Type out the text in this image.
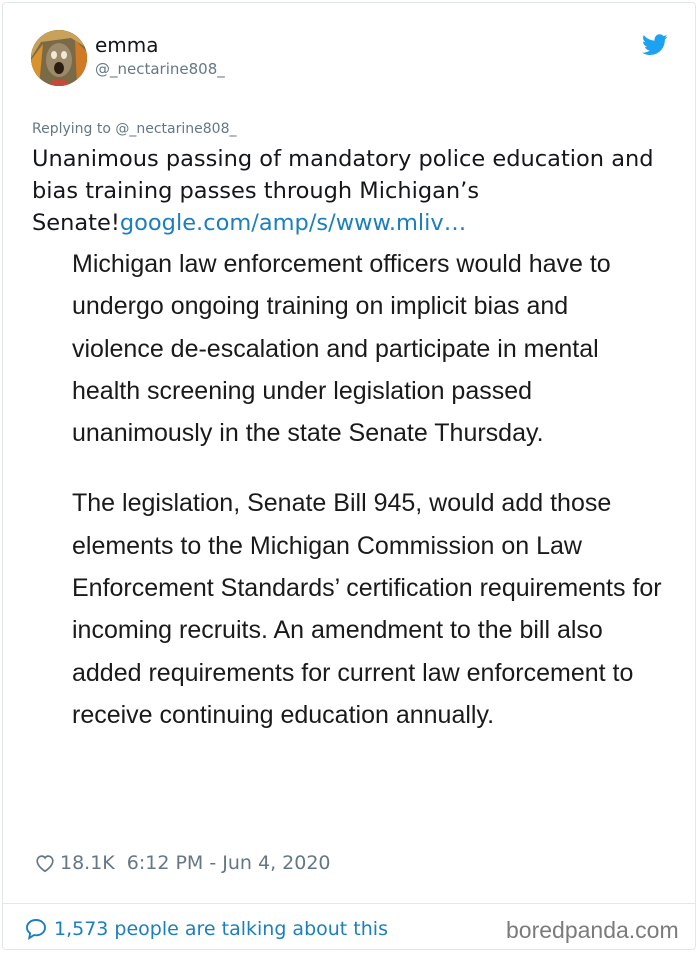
emma
@_nectarine808_
Replying to @_nectarine808_
Unanimous passing of mandatory police education and bias training passes through Michigan’s Senate!google.com/amp/s/www.mliv…

Michigan law enforcement officers would have to undergo ongoing training on implicit bias and violence de-escalation and participate in mental health screening under legislation passed unanimously in the state Senate Thursday.

The legislation, Senate Bill 945, would add those elements to the Michigan Commission on Law Enforcement Standards’ certification requirements for incoming recruits. An amendment to the bill also added requirements for current law enforcement to receive continuing education annually.

18.1K 6:12 PM - Jun 4, 2020
1,573 people are talking about this	boredpanda.com
